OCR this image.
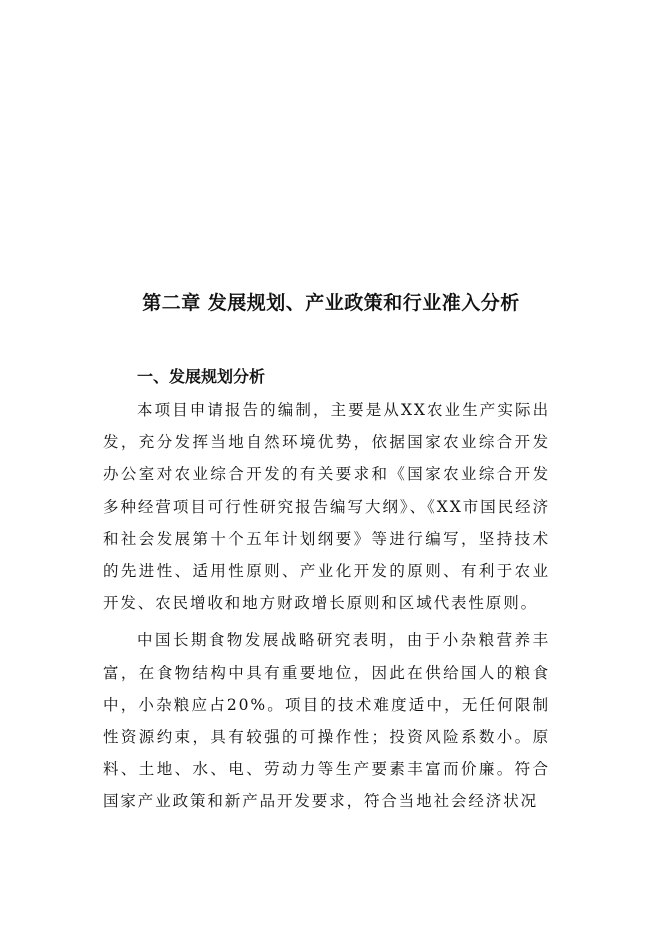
第二章 发展规划、产业政策和行业准入分析
一、发展规划分析

本项目申请报告的编制，主要是从XX农业生产实际出发，充分发挥当地自然环境优势，依据国家农业综合开发办公室对农业综合开发的有关要求和《国家农业综合开发多种经营项目可行性研究报告编写大纲》、《XX市国民经济和社会发展第十个五年计划纲要》等进行编写，坚持技术的先进性、适用性原则、产业化开发的原则、有利于农业开发、农民增收和地方财政增长原则和区域代表性原则。

中国长期食物发展战略研究表明，由于小杂粮营养丰富，在食物结构中具有重要地位，因此在供给国人的粮食中，小杂粮应占20%。项目的技术难度适中，无任何限制性资源约束，具有较强的可操作性；投资风险系数小。原料、土地、水、电、劳动力等生产要素丰富而价廉。符合国家产业政策和新产品开发要求，符合当地社会经济状况
